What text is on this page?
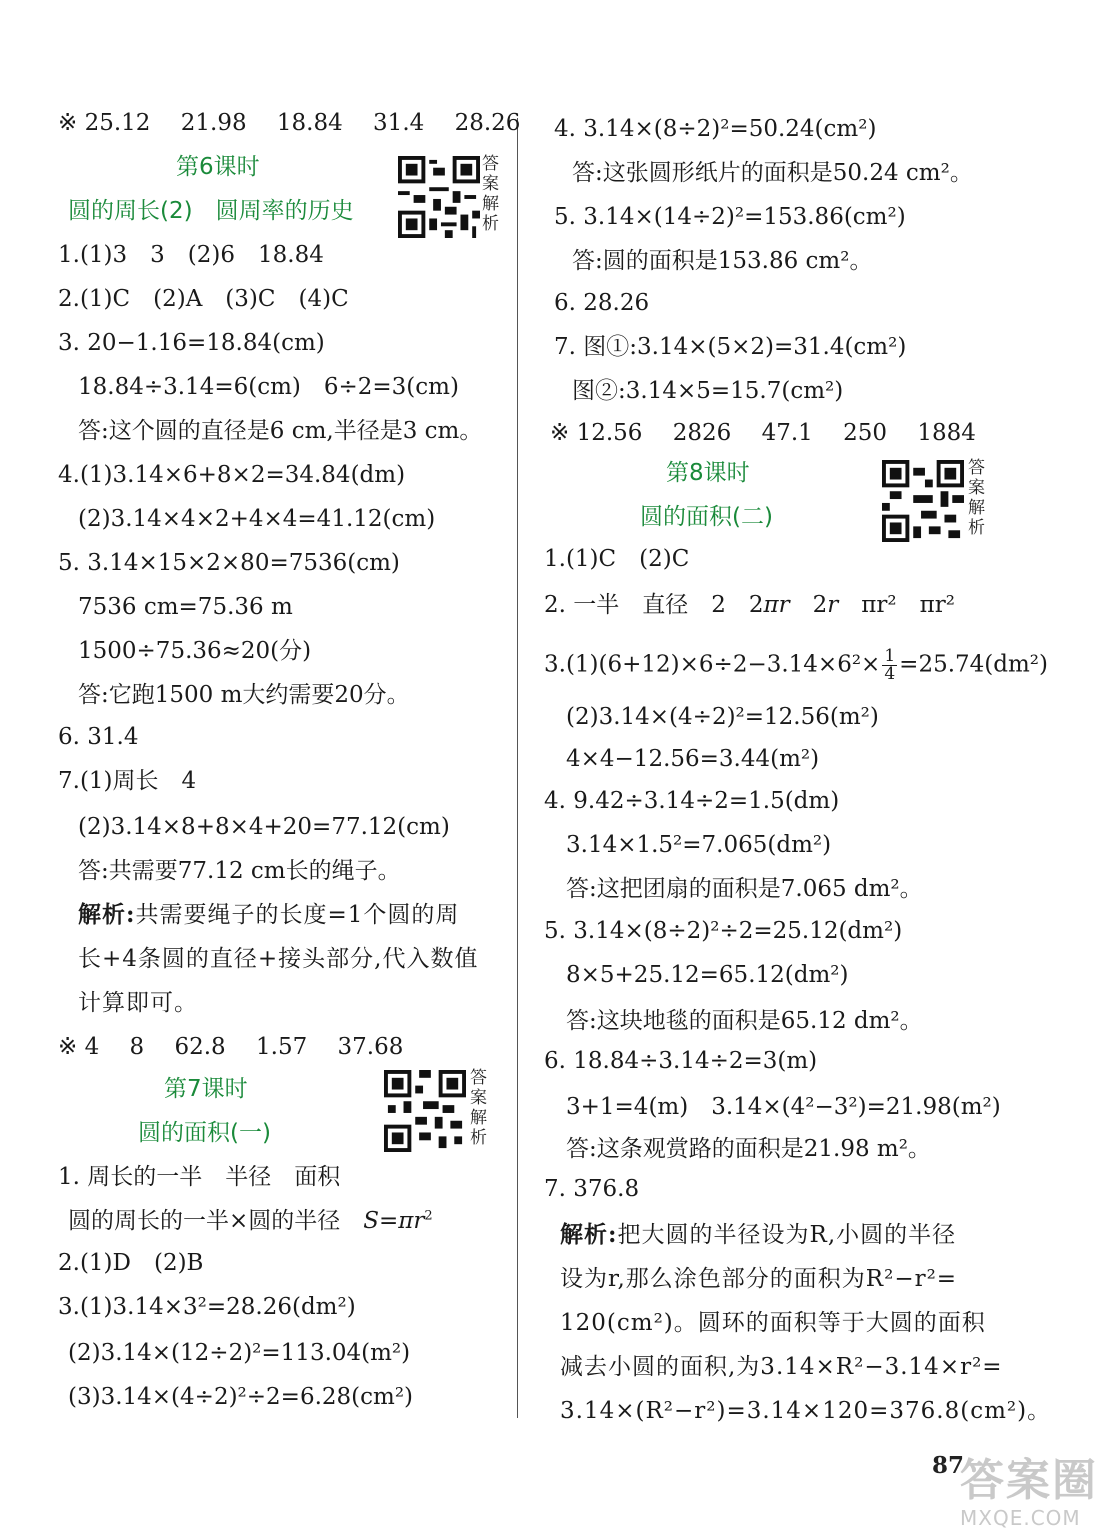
※ 25.12　 21.98　 18.84　 31.4　 28.26
第6课时
圆的周长(2)　圆周率的历史
答案解析
1.(1)3　3　(2)6　18.84
2.(1)C　(2)A　(3)C　(4)C
3. 20−1.16=18.84(cm)
18.84÷3.14=6(cm)　6÷2=3(cm)
答:这个圆的直径是6 cm,半径是3 cm。
4.(1)3.14×6+8×2=34.84(dm)
(2)3.14×4×2+4×4=41.12(cm)
5. 3.14×15×2×80=7536(cm)
7536 cm=75.36 m
1500÷75.36≈20(分)
答:它跑1500 m大约需要20分。
6. 31.4
7.(1)周长　4
(2)3.14×8+8×4+20=77.12(cm)
答:共需要77.12 cm长的绳子。
解析:共需要绳子的长度=1个圆的周
长+4条圆的直径+接头部分,代入数值
计算即可。
※ 4　 8　 62.8　 1.57　 37.68
第7课时
圆的面积(一)
答案解析
1. 周长的一半　半径　面积
圆的周长的一半×圆的半径　$S=\pi r^2$
2.(1)D　(2)B
3.(1)3.14×3²=28.26(dm²)
(2)3.14×(12÷2)²=113.04(m²)
(3)3.14×(4÷2)²÷2=6.28(cm²)
4. 3.14×(8÷2)²=50.24(cm²)
答:这张圆形纸片的面积是50.24 cm²。
5. 3.14×(14÷2)²=153.86(cm²)
答:圆的面积是153.86 cm²。
6. 28.26
7. 图①:3.14×(5×2)=31.4(cm²)
图②:3.14×5=15.7(cm²)
※ 12.56　 2826　 47.1　 250　 1884
第8课时
圆的面积(二)
答案解析
1.(1)C　(2)C
2. 一半　直径　2　2πr　2r　πr²　πr²
$3.(1)(6+12)\times 6\div 2-3.14\times 6^2\times \frac{1}{4} =25.74(dm^2)$
(2)3.14×(4÷2)²=12.56(m²)
4×4−12.56=3.44(m²)
4. 9.42÷3.14÷2=1.5(dm)
3.14×1.5²=7.065(dm²)
答:这把团扇的面积是7.065 dm²。
5. 3.14×(8÷2)²÷2=25.12(dm²)
8×5+25.12=65.12(dm²)
答:这块地毯的面积是65.12 dm²。
6. 18.84÷3.14÷2=3(m)
3+1=4(m)　3.14×(4²−3²)=21.98(m²)
答:这条观赏路的面积是21.98 m²。
7. 376.8
解析:把大圆的半径设为R,小圆的半径
设为r,那么涂色部分的面积为R²−r²=
120(cm²)。圆环的面积等于大圆的面积
减去小圆的面积,为3.14×R²−3.14×r²=
3.14×(R²−r²)=3.14×120=376.8(cm²)。
87
答案圈
MXQE.COM
